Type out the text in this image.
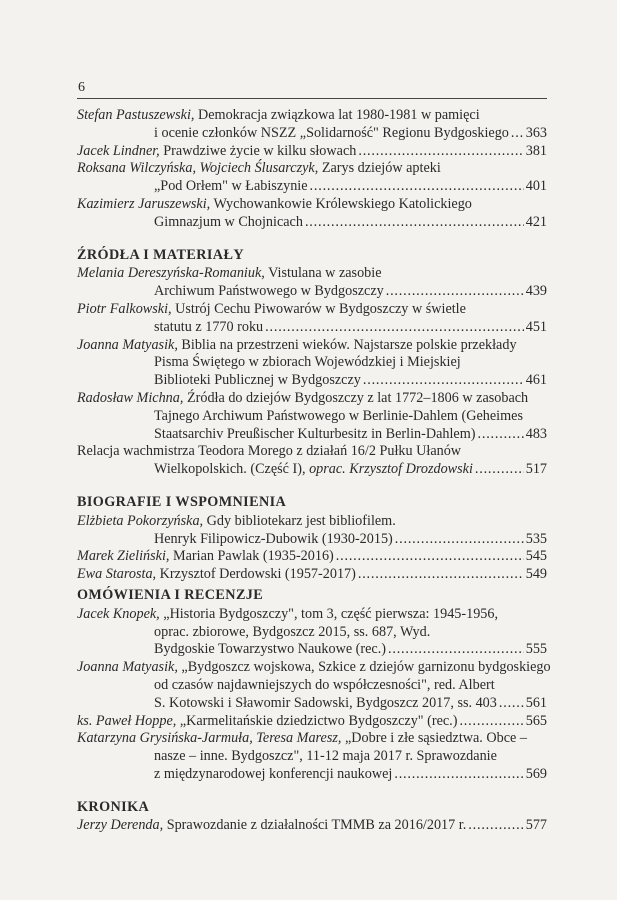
6
Stefan Pastuszewski, Demokracja związkowa lat 1980-1981 w pamięci
i ocenie członków NSZZ „Solidarność" Regionu Bydgoskiego ..... 363
Jacek Lindner, Prawdziwe życie w kilku słowach .....	381
Roksana Wilczyńska, Wojciech Ślusarczyk, Zarys dziejów apteki
„Pod Orłem" w Łabiszynie .....	401
Kazimierz Jaruszewski, Wychowankowie Królewskiego Katolickiego
Gimnazjum w Chojnicach .....	421
ŹRÓDŁA I MATERIAŁY
Melania Dereszyńska-Romaniuk, Vistulana w zasobie
Archiwum Państwowego w Bydgoszczy .....	439
Piotr Falkowski, Ustrój Cechu Piwowarów w Bydgoszczy w świetle
statutu z 1770 roku .....	451
Joanna Matyasik, Biblia na przestrzeni wieków. Najstarsze polskie przekłady
Pisma Świętego w zbiorach Wojewódzkiej i Miejskiej
Biblioteki Publicznej w Bydgoszczy .....	461
Radosław Michna, Źródła do dziejów Bydgoszczy z lat 1772–1806 w zasobach
Tajnego Archiwum Państwowego w Berlinie-Dahlem (Geheimes
Staatsarchiv Preußischer Kulturbesitz in Berlin-Dahlem) .....	483
Relacja wachmistrza Teodora Morego z działań 16/2 Pułku Ułanów
Wielkopolskich. (Część I), oprac. Krzysztof Drozdowski .....	517
BIOGRAFIE I WSPOMNIENIA
Elżbieta Pokorzyńska, Gdy bibliotekarz jest bibliofilem.
Henryk Filipowicz-Dubowik (1930-2015) .....	535
Marek Zieliński, Marian Pawlak (1935-2016) .....	545
Ewa Starosta, Krzysztof Derdowski (1957-2017) .....	549
OMÓWIENIA I RECENZJE
Jacek Knopek, „Historia Bydgoszczy", tom 3, część pierwsza: 1945-1956,
oprac. zbiorowe, Bydgoszcz 2015, ss. 687, Wyd.
Bydgoskie Towarzystwo Naukowe (rec.) .....	555
Joanna Matyasik, „Bydgoszcz wojskowa, Szkice z dziejów garnizonu bydgoskiego
od czasów najdawniejszych do współczesności", red. Albert
S. Kotowski i Sławomir Sadowski, Bydgoszcz 2017, ss. 403 ..... 561
ks. Paweł Hoppe, „Karmelitańskie dziedzictwo Bydgoszczy" (rec.) .....	565
Katarzyna Grysińska-Jarmuła, Teresa Maresz, „Dobre i złe sąsiedztwa. Obce –
nasze – inne. Bydgoszcz", 11-12 maja 2017 r. Sprawozdanie
z międzynarodowej konferencji naukowej .....	569
KRONIKA
Jerzy Derenda, Sprawozdanie z działalności TMMB za 2016/2017 r. .....	577
